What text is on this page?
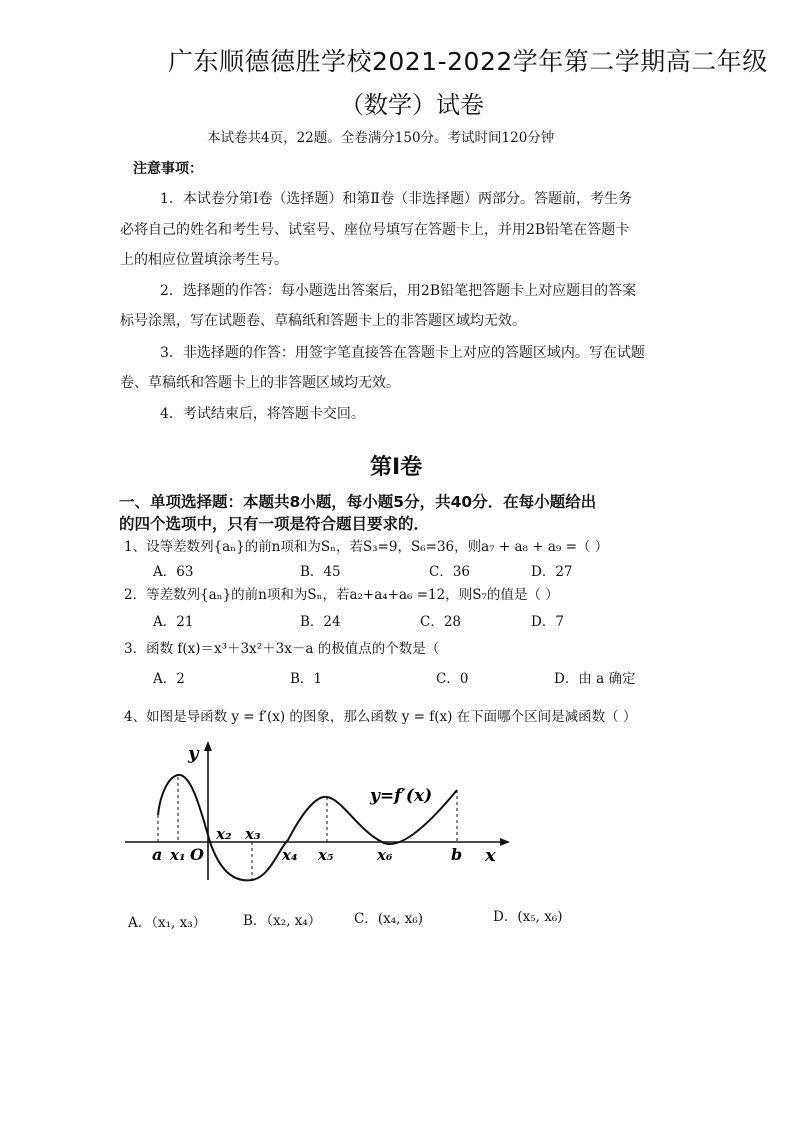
广东顺德德胜学校2021-2022学年第二学期高二年级
（数学）试卷
本试卷共4页，22题。全卷满分150分。考试时间120分钟
注意事项：
1．本试卷分第Ⅰ卷（选择题）和第Ⅱ卷（非选择题）两部分。答题前，考生务
必将自己的姓名和考生号、试室号、座位号填写在答题卡上，并用2B铅笔在答题卡
上的相应位置填涂考生号。
2．选择题的作答：每小题选出答案后，用2B铅笔把答题卡上对应题目的答案
标号涂黑，写在试题卷、草稿纸和答题卡上的非答题区域均无效。
3．非选择题的作答：用签字笔直接答在答题卡上对应的答题区域内。写在试题
卷、草稿纸和答题卡上的非答题区域均无效。
4．考试结束后，将答题卡交回。
第Ⅰ卷
一、单项选择题：本题共8小题，每小题5分，共40分．在每小题给出
的四个选项中，只有一项是符合题目要求的．
1、设等差数列{aₙ}的前n项和为Sₙ，若S₃=9，S₆=36，则a₇ + a₈ + a₉ =（ ）
A．63	B．45	C．36	D．27
2．等差数列{aₙ}的前n项和为Sₙ，若a₂+a₄+a₆ =12，则S₇的值是（ ）
A．21	B．24	C．28	D．7
3．函数 f(x)＝x³＋3x²＋3x－a 的极值点的个数是（
A．2	B．1	C．0	D．由 a 确定
4、如图是导函数 y = f′(x) 的图象，那么函数 y = f(x) 在下面哪个区间是减函数（ ）
y
x
y=f′(x)
a x₁ O
x₂ x₃
x₄ x₅	x₆	b
A．（x₁, x₃）	B．（x₂, x₄） C．(x₄, x₆)	D．(x₅, x₆)
